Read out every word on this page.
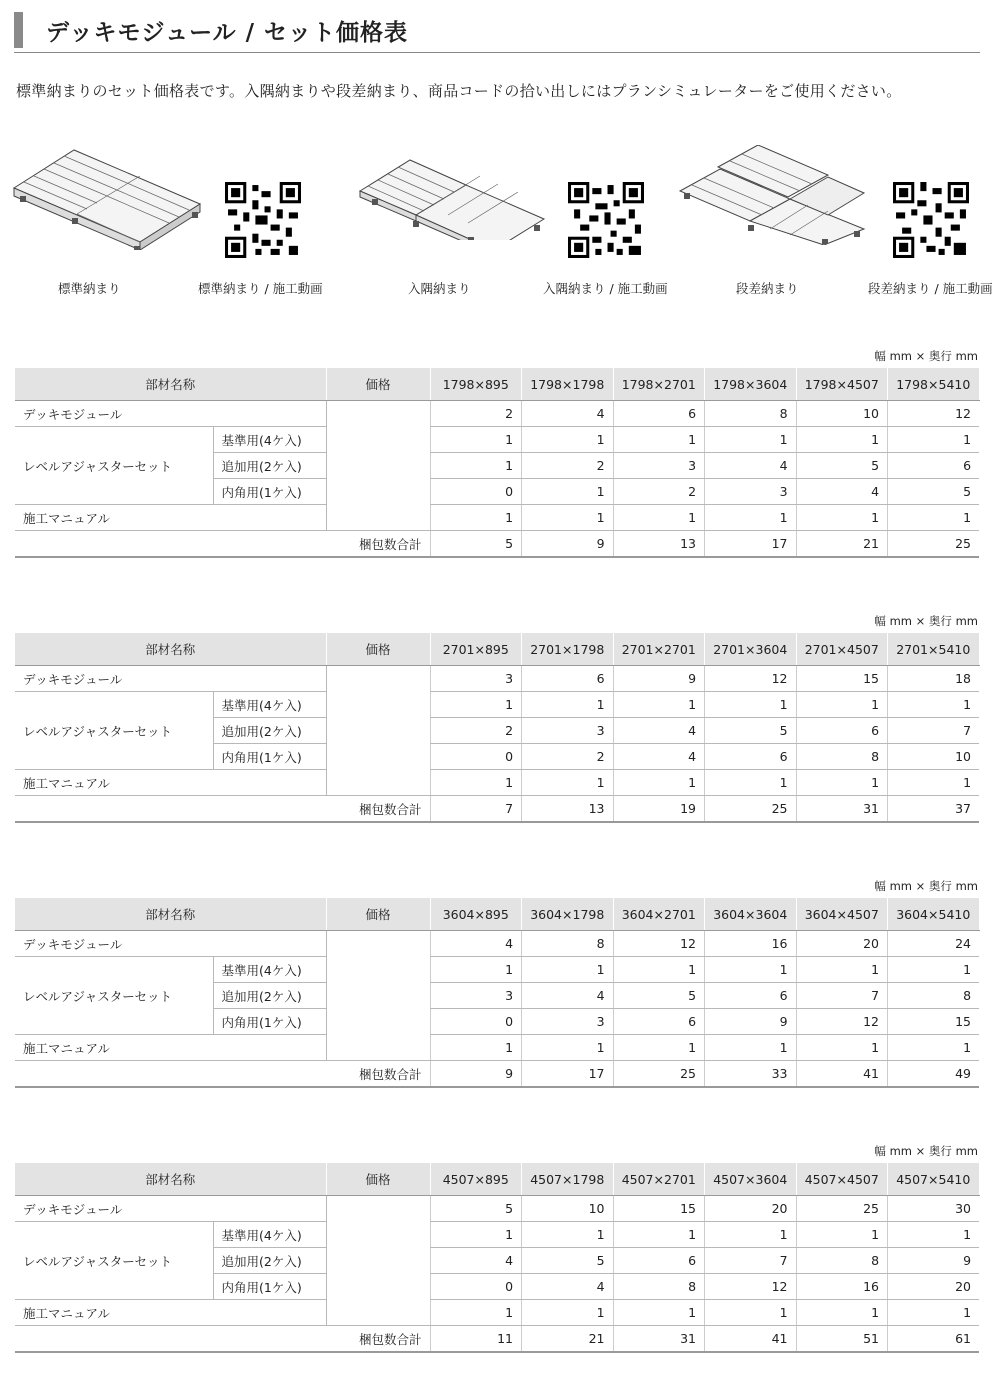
デッキモジュール / セット価格表
標準納まりのセット価格表です。入隅納まりや段差納まり、商品コードの拾い出しにはプランシミュレーターをご使用ください。
標準納まり	標準納まり / 施工動画	入隅納まり	入隅納まり / 施工動画	段差納まり	段差納まり / 施工動画
幅 mm × 奥行 mm
部材名称		価格	1798×895	1798×1798	1798×2701	1798×3604	1798×4507	1798×5410
デッキモジュール			2	4	6	8	10	12
レベルアジャスターセット	基準用(4ケ入)		1	1	1	1	1	1
	追加用(2ケ入)		1	2	3	4	5	6
	内角用(1ケ入)		0	1	2	3	4	5
施工マニュアル			1	1	1	1	1	1
梱包数合計			5	9	13	17	21	25
幅 mm × 奥行 mm
部材名称		価格	2701×895	2701×1798	2701×2701	2701×3604	2701×4507	2701×5410
デッキモジュール			3	6	9	12	15	18
レベルアジャスターセット	基準用(4ケ入)		1	1	1	1	1	1
	追加用(2ケ入)		2	3	4	5	6	7
	内角用(1ケ入)		0	2	4	6	8	10
施工マニュアル			1	1	1	1	1	1
梱包数合計			7	13	19	25	31	37
幅 mm × 奥行 mm
部材名称		価格	3604×895	3604×1798	3604×2701	3604×3604	3604×4507	3604×5410
デッキモジュール			4	8	12	16	20	24
レベルアジャスターセット	基準用(4ケ入)		1	1	1	1	1	1
	追加用(2ケ入)		3	4	5	6	7	8
	内角用(1ケ入)		0	3	6	9	12	15
施工マニュアル			1	1	1	1	1	1
梱包数合計			9	17	25	33	41	49
幅 mm × 奥行 mm
部材名称		価格	4507×895	4507×1798	4507×2701	4507×3604	4507×4507	4507×5410
デッキモジュール			5	10	15	20	25	30
レベルアジャスターセット	基準用(4ケ入)		1	1	1	1	1	1
	追加用(2ケ入)		4	5	6	7	8	9
	内角用(1ケ入)		0	4	8	12	16	20
施工マニュアル			1	1	1	1	1	1
梱包数合計			11	21	31	41	51	61
